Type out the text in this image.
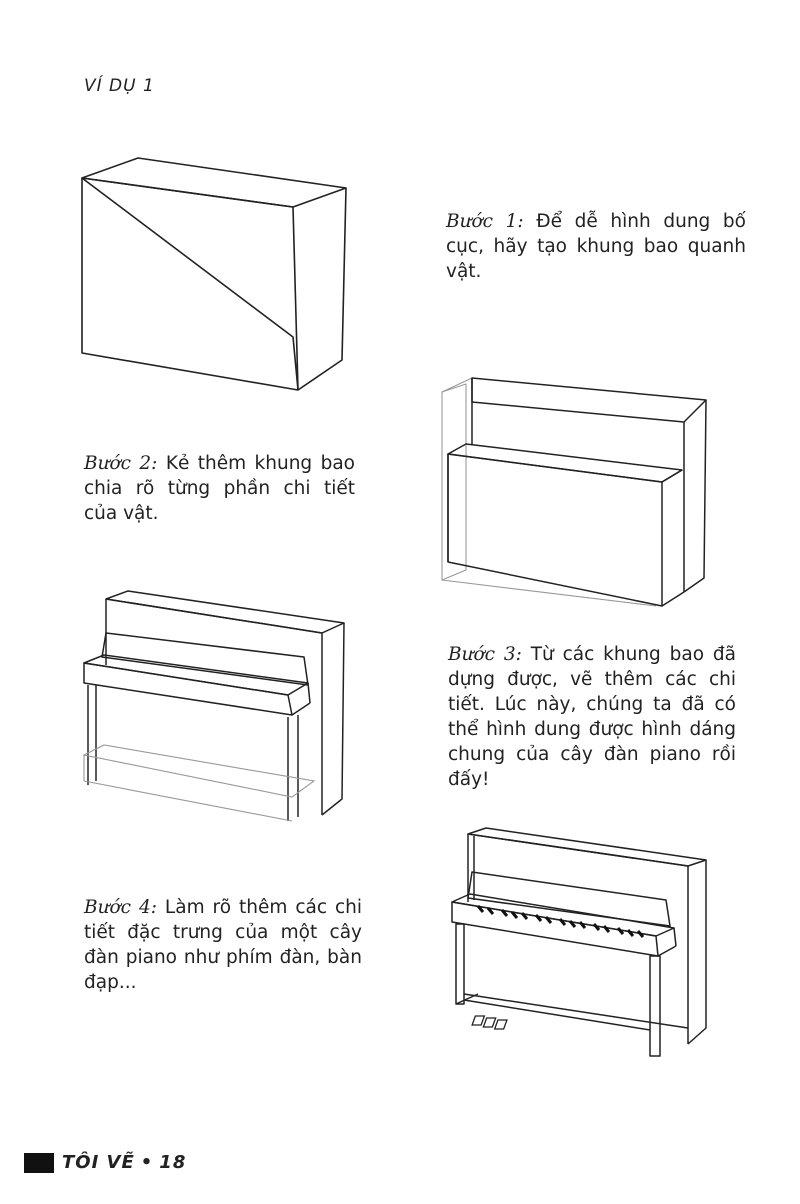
VÍ DỤ 1
Bước 1: Để dễ hình dung bố cục, hãy tạo khung bao quanh vật.
Bước 2: Kẻ thêm khung bao chia rõ từng phần chi tiết của vật.
Bước 3: Từ các khung bao đã dựng được, vẽ thêm các chi tiết. Lúc này, chúng ta đã có thể hình dung được hình dáng chung của cây đàn piano rồi đấy!
Bước 4: Làm rõ thêm các chi tiết đặc trưng của một cây đàn piano như phím đàn, bàn đạp...
TÔI VẼ • 18
